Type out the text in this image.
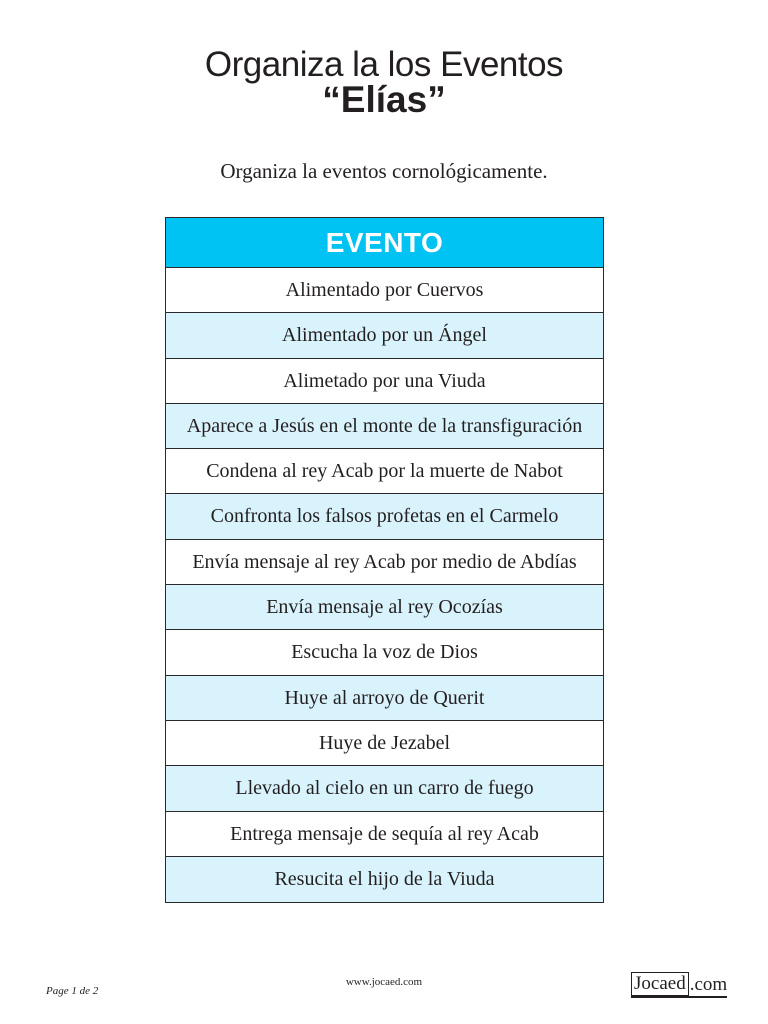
Organiza la los Eventos
“Elías”
Organiza la eventos cornológicamente.
EVENTO
Alimentado por Cuervos
Alimentado por un Ángel
Alimetado por una Viuda
Aparece a Jesús en el monte de la transfiguración
Condena al rey Acab por la muerte de Nabot
Confronta los falsos profetas en el Carmelo
Envía mensaje al rey Acab por medio de Abdías
Envía mensaje al rey Ocozías
Escucha la voz de Dios
Huye al arroyo de Querit
Huye de Jezabel
Llevado al cielo en un carro de fuego
Entrega mensaje de sequía al rey Acab
Resucita el hijo de la Viuda
Page 1 de 2
www.jocaed.com	Jocaed .com
